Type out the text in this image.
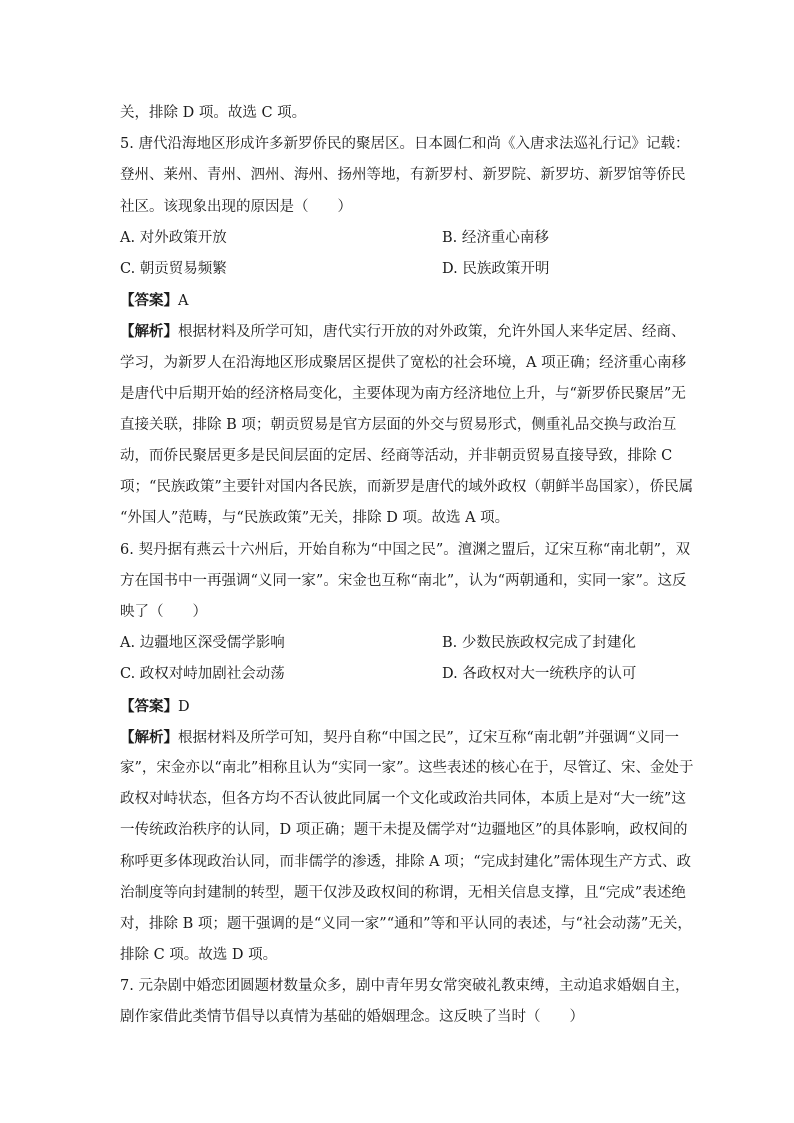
关，排除 D 项。故选 C 项。
5. 唐代沿海地区形成许多新罗侨民的聚居区。日本圆仁和尚《入唐求法巡礼行记》记载：
登州、莱州、青州、泗州、海州、扬州等地，有新罗村、新罗院、新罗坊、新罗馆等侨民
社区。该现象出现的原因是（　　）
A. 对外政策开放	B. 经济重心南移
C. 朝贡贸易频繁	D. 民族政策开明
【答案】A
【解析】根据材料及所学可知，唐代实行开放的对外政策，允许外国人来华定居、经商、
学习，为新罗人在沿海地区形成聚居区提供了宽松的社会环境，A 项正确；经济重心南移
是唐代中后期开始的经济格局变化，主要体现为南方经济地位上升，与“新罗侨民聚居”无
直接关联，排除 B 项；朝贡贸易是官方层面的外交与贸易形式，侧重礼品交换与政治互
动，而侨民聚居更多是民间层面的定居、经商等活动，并非朝贡贸易直接导致，排除 C
项；“民族政策”主要针对国内各民族，而新罗是唐代的域外政权（朝鲜半岛国家），侨民属
“外国人”范畴，与“民族政策”无关，排除 D 项。故选 A 项。
6. 契丹据有燕云十六州后，开始自称为“中国之民”。澶渊之盟后，辽宋互称“南北朝”，双
方在国书中一再强调“义同一家”。宋金也互称“南北”，认为“两朝通和，实同一家”。这反
映了（　　）
A. 边疆地区深受儒学影响	B. 少数民族政权完成了封建化
C. 政权对峙加剧社会动荡	D. 各政权对大一统秩序的认可
【答案】D
【解析】根据材料及所学可知，契丹自称“中国之民”，辽宋互称“南北朝”并强调“义同一
家”，宋金亦以“南北”相称且认为“实同一家”。这些表述的核心在于，尽管辽、宋、金处于
政权对峙状态，但各方均不否认彼此同属一个文化或政治共同体，本质上是对“大一统”这
一传统政治秩序的认同，D 项正确；题干未提及儒学对“边疆地区”的具体影响，政权间的
称呼更多体现政治认同，而非儒学的渗透，排除 A 项；“完成封建化”需体现生产方式、政
治制度等向封建制的转型，题干仅涉及政权间的称谓，无相关信息支撑，且“完成”表述绝
对，排除 B 项；题干强调的是“义同一家”“通和”等和平认同的表述，与“社会动荡”无关，
排除 C 项。故选 D 项。
7. 元杂剧中婚恋团圆题材数量众多，剧中青年男女常突破礼教束缚，主动追求婚姻自主，
剧作家借此类情节倡导以真情为基础的婚姻理念。这反映了当时（　　）
